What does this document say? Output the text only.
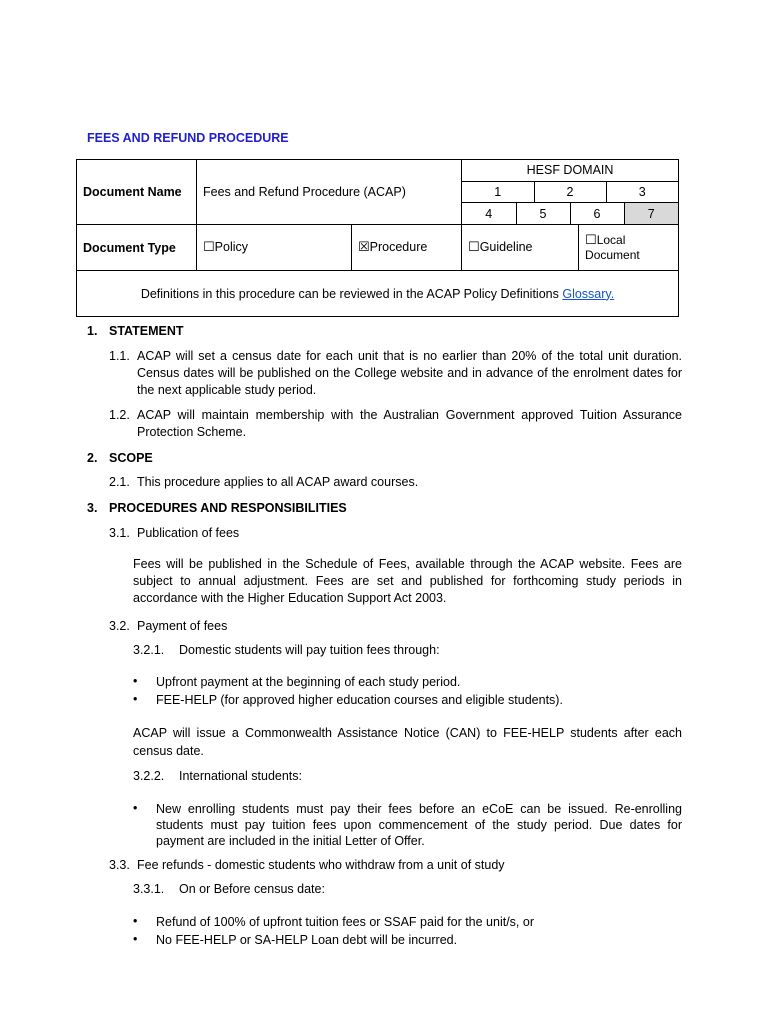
FEES AND REFUND PROCEDURE
Document Name	Fees and Refund Procedure (ACAP)	
HESF DOMAIN
1	2	3
4	5	6	7

Document Type	☐Policy	☒Procedure	☐Guideline	☐Local Document
Definitions in this procedure can be reviewed in the ACAP Policy Definitions Glossary.
1. STATEMENT
1.1. ACAP will set a census date for each unit that is no earlier than 20% of the total unit duration. Census dates will be published on the College website and in advance of the enrolment dates for the next applicable study period.
1.2. ACAP will maintain membership with the Australian Government approved Tuition Assurance Protection Scheme.
2. SCOPE
2.1. This procedure applies to all ACAP award courses.
3. PROCEDURES AND RESPONSIBILITIES
3.1. Publication of fees
Fees will be published in the Schedule of Fees, available through the ACAP website. Fees are subject to annual adjustment. Fees are set and published for forthcoming study periods in accordance with the Higher Education Support Act 2003.
3.2. Payment of fees
3.2.1. Domestic students will pay tuition fees through:
• Upfront payment at the beginning of each study period.
• FEE-HELP (for approved higher education courses and eligible students).
ACAP will issue a Commonwealth Assistance Notice (CAN) to FEE-HELP students after each census date.
3.2.2. International students:
• New enrolling students must pay their fees before an eCoE can be issued. Re-enrolling students must pay tuition fees upon commencement of the study period. Due dates for payment are included in the initial Letter of Offer.
3.3. Fee refunds - domestic students who withdraw from a unit of study
3.3.1. On or Before census date:
• Refund of 100% of upfront tuition fees or SSAF paid for the unit/s, or
• No FEE-HELP or SA-HELP Loan debt will be incurred.
